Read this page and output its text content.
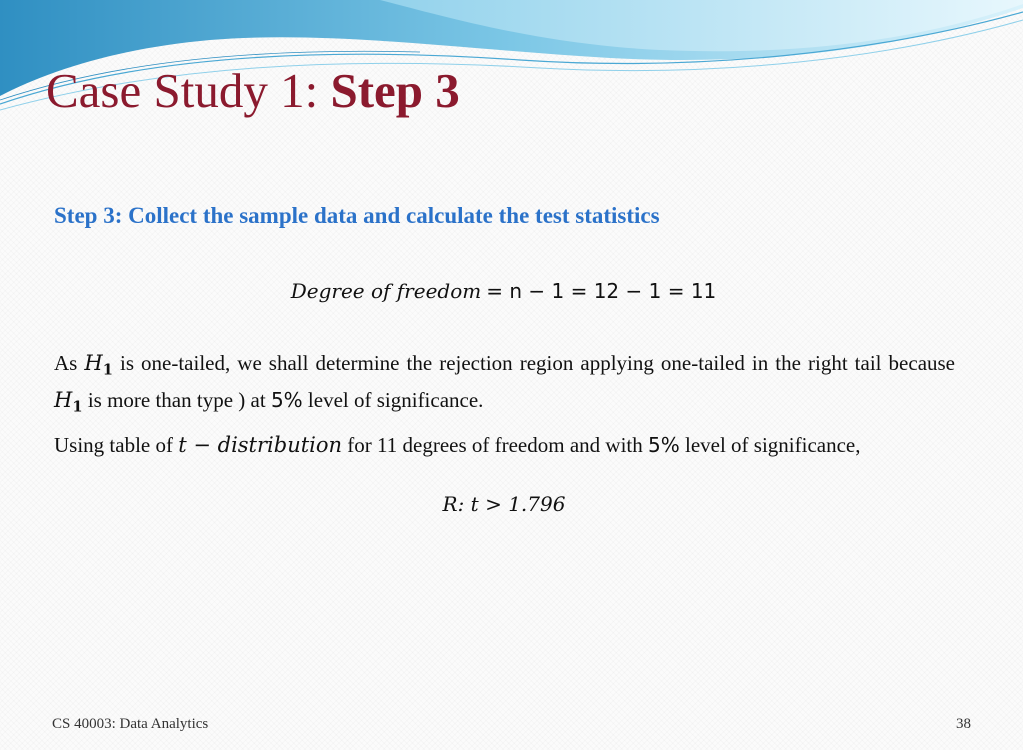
Case Study 1: Step 3
Step 3: Collect the sample data and calculate the test statistics
Degree of freedom = n − 1 = 12 − 1 = 11

As $H_1$ is one-tailed, we shall determine the rejection region applying one-tailed in the right tail because $H_1$ is more than type ) at 5% level of significance.

Using table of t − distribution for 11 degrees of freedom and with 5% level of significance,

R: t > 1.796
CS 40003: Data Analytics	38
